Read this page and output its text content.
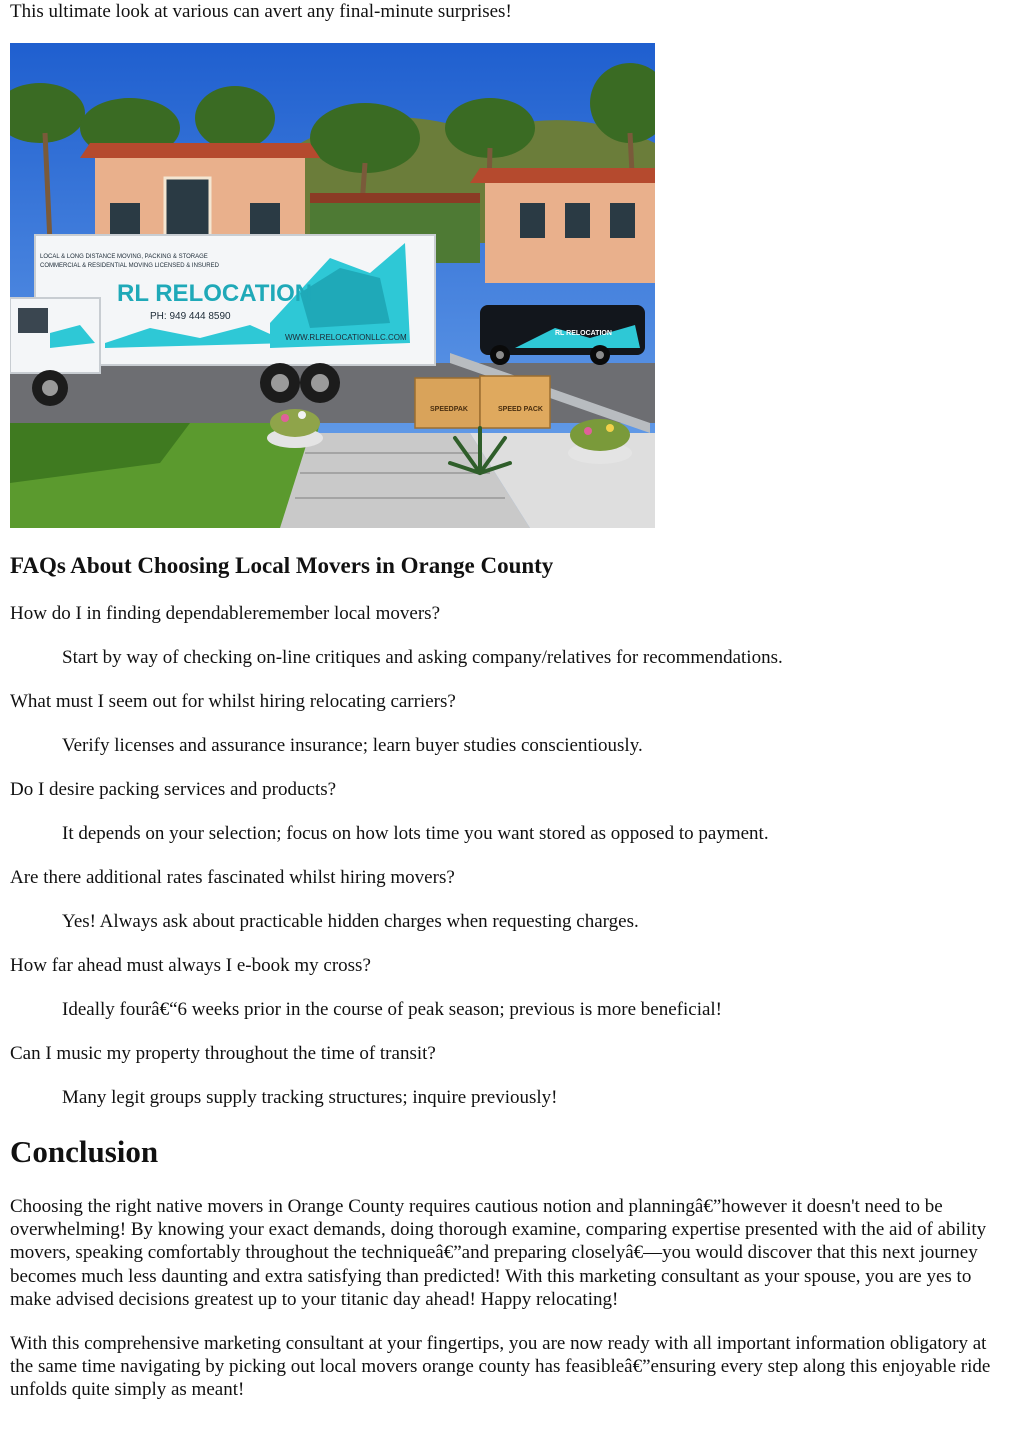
This ultimate look at various can avert any final-minute surprises!

LOCAL & LONG DISTANCE MOVING, PACKING & STORAGE
COMMERCIAL & RESIDENTIAL MOVING LICENSED & INSURED
RL RELOCATION
PH: 949 444 8590
WWW.RLRELOCATIONLLC.COM	RL RELOCATION
SPEEDPAK	SPEED PACK
FAQs About Choosing Local Movers in Orange County

How do I in finding dependableremember local movers?

Start by way of checking on-line critiques and asking company/relatives for recommendations.

What must I seem out for whilst hiring relocating carriers?

Verify licenses and assurance insurance; learn buyer studies conscientiously.

Do I desire packing services and products?

It depends on your selection; focus on how lots time you want stored as opposed to payment.

Are there additional rates fascinated whilst hiring movers?

Yes! Always ask about practicable hidden charges when requesting charges.

How far ahead must always I e-book my cross?

Ideally fourâ€“6 weeks prior in the course of peak season; previous is more beneficial!

Can I music my property throughout the time of transit?

Many legit groups supply tracking structures; inquire previously!

Conclusion

Choosing the right native movers in Orange County requires cautious notion and planningâ€”however it doesn't need to be overwhelming! By knowing your exact demands, doing thorough examine, comparing expertise presented with the aid of ability movers, speaking comfortably throughout the techniqueâ€”and preparing closelyâ€—you would discover that this next journey becomes much less daunting and extra satisfying than predicted! With this marketing consultant as your spouse, you are yes to make advised decisions greatest up to your titanic day ahead! Happy relocating!

With this comprehensive marketing consultant at your fingertips, you are now ready with all important information obligatory at the same time navigating by picking out local movers orange county has feasibleâ€”ensuring every step along this enjoyable ride unfolds quite simply as meant!
